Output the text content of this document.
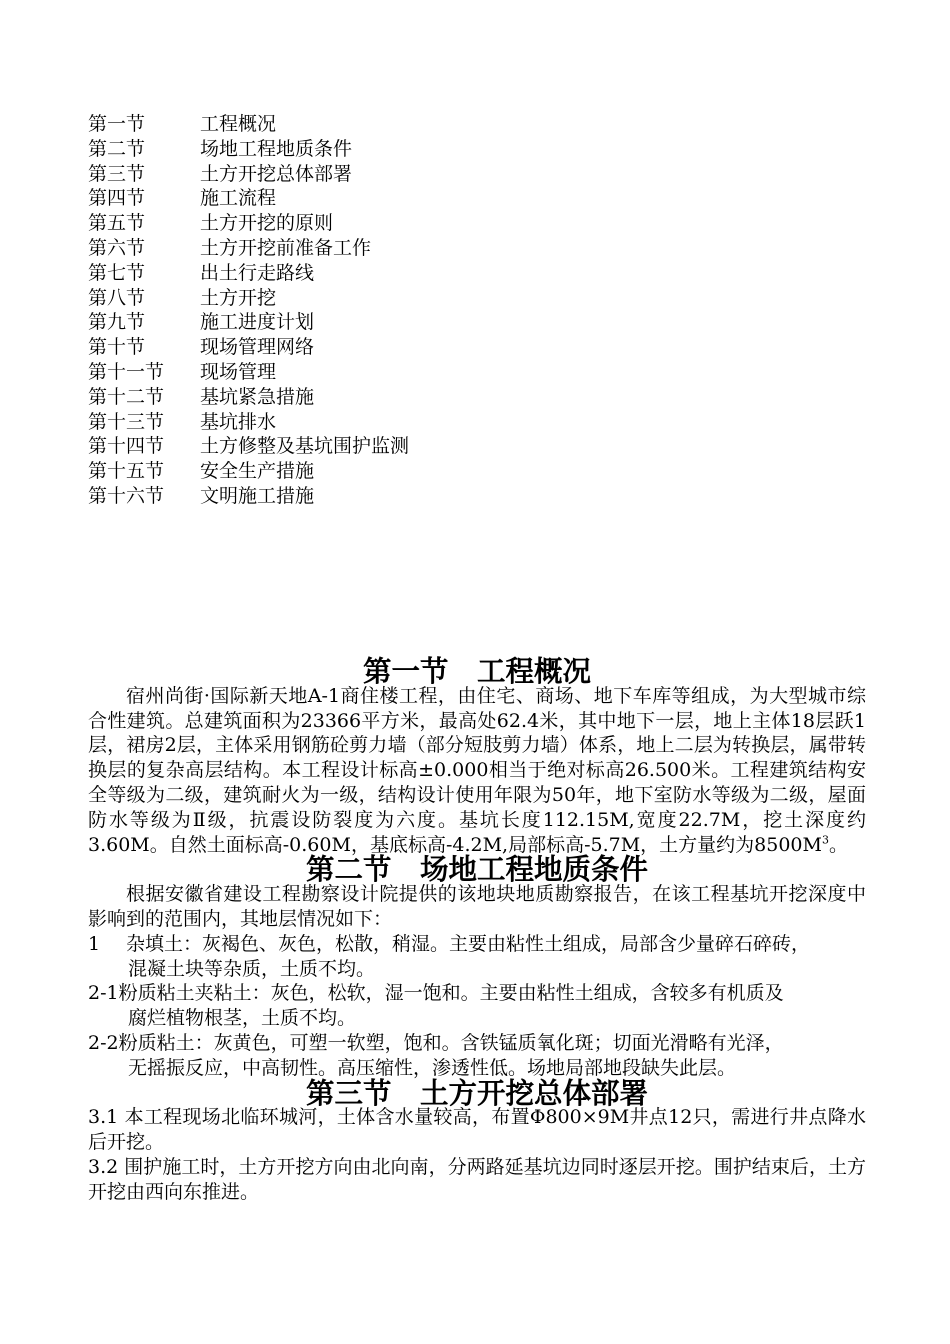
第一节	工程概况
第二节	场地工程地质条件
第三节	土方开挖总体部署
第四节	施工流程
第五节	土方开挖的原则
第六节	土方开挖前准备工作
第七节	出土行走路线
第八节	土方开挖
第九节	施工进度计划
第十节	现场管理网络
第十一节	现场管理
第十二节	基坑紧急措施
第十三节	基坑排水
第十四节	土方修整及基坑围护监测
第十五节	安全生产措施
第十六节	文明施工措施
第一节　工程概况

宿州尚街·国际新天地A-1商住楼工程，由住宅、商场、地下车库等组成，为大型城市综合性建筑。总建筑面积为23366平方米，最高处62.4米，其中地下一层，地上主体18层跃1层，裙房2层，主体采用钢筋砼剪力墙（部分短肢剪力墙）体系，地上二层为转换层，属带转换层的复杂高层结构。本工程设计标高±0.000相当于绝对标高26.500米。工程建筑结构安全等级为二级，建筑耐火为一级，结构设计使用年限为50年，地下室防水等级为二级，屋面防水等级为Ⅱ级，抗震设防裂度为六度。基坑长度112.15M,宽度22.7M，挖土深度约3.60M。自然土面标高-0.60M，基底标高-4.2M,局部标高-5.7M，土方量约为$8500M^3$。

第二节　场地工程地质条件

根据安徽省建设工程勘察设计院提供的该地块地质勘察报告，在该工程基坑开挖深度中影响到的范围内，其地层情况如下：

1	杂填土：灰褐色、灰色，松散，稍湿。主要由粘性土组成，局部含少量碎石碎砖，

混凝土块等杂质，土质不均。

2-1 粉质粘土夹粘土：灰色，松软，湿一饱和。主要由粘性土组成，含较多有机质及

腐烂植物根茎，土质不均。

2-2 粉质粘土：灰黄色，可塑一软塑，饱和。含铁锰质氧化斑；切面光滑略有光泽，

无摇振反应，中高韧性。高压缩性，渗透性低。场地局部地段缺失此层。

第三节　土方开挖总体部署

3.1 本工程现场北临环城河，土体含水量较高，布置Φ800×9M井点12只，需进行井点降水后开挖。

3.2 围护施工时，土方开挖方向由北向南，分两路延基坑边同时逐层开挖。围护结束后，土方开挖由西向东推进。
